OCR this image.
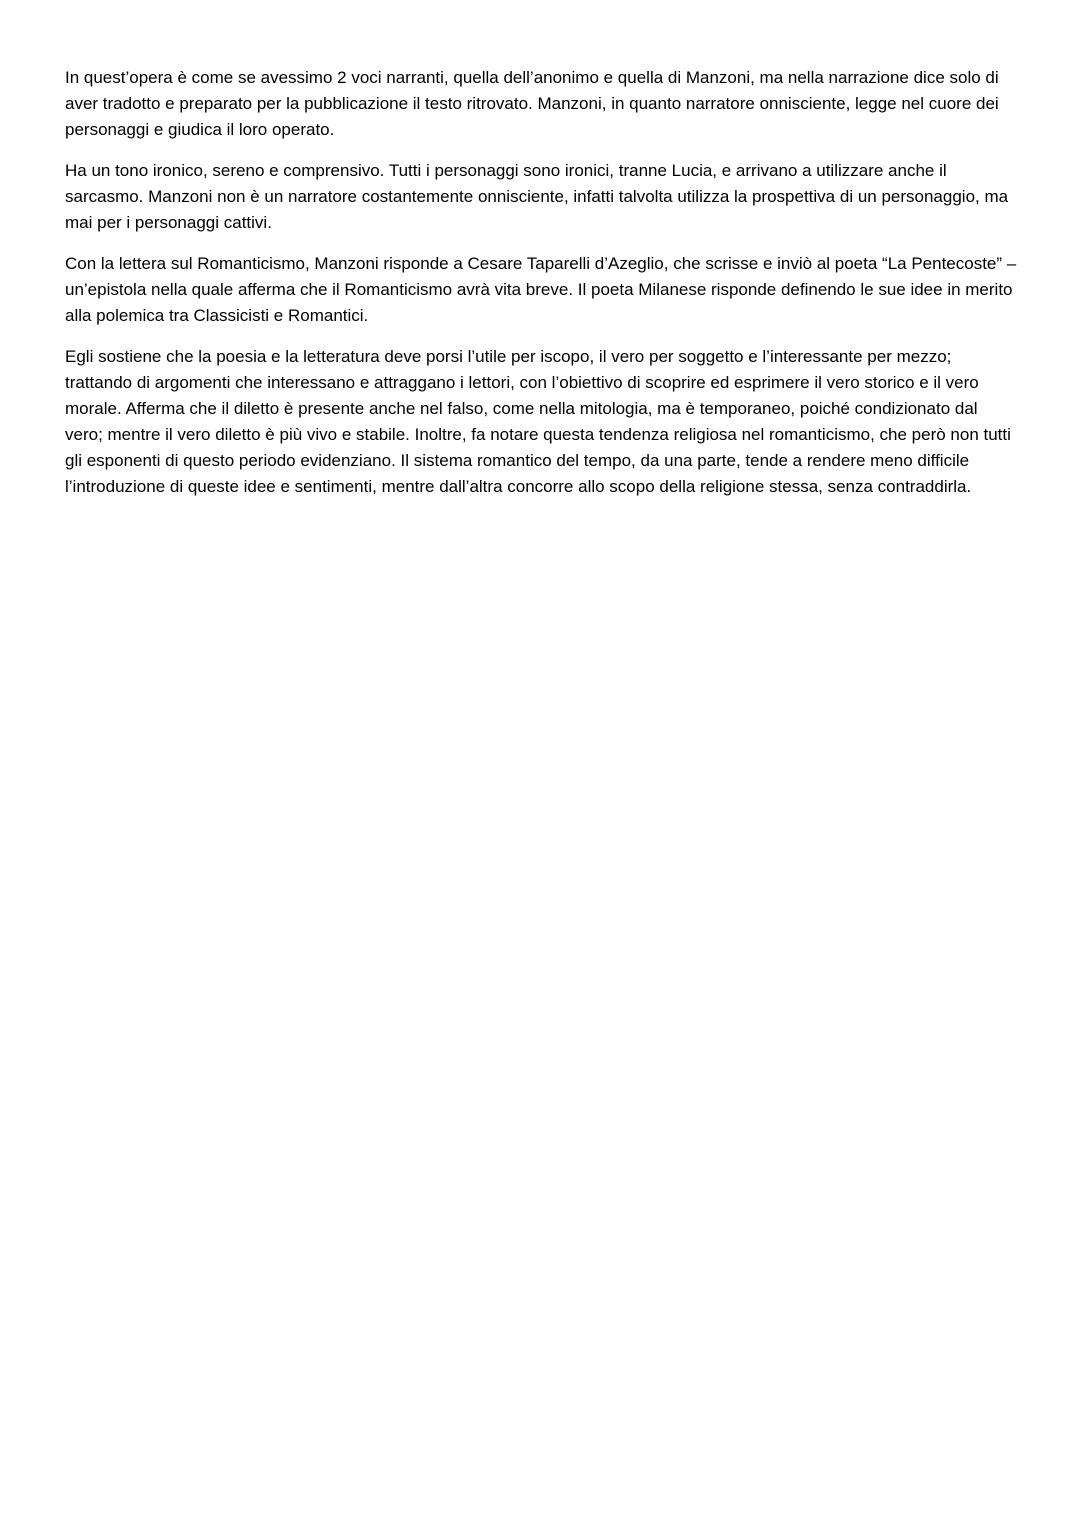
In quest’opera è come se avessimo 2 voci narranti, quella dell’anonimo e quella di Manzoni, ma nella narrazione dice solo di aver tradotto e preparato per la pubblicazione il testo ritrovato. Manzoni, in quanto narratore onnisciente, legge nel cuore dei personaggi e giudica il loro operato.

Ha un tono ironico, sereno e comprensivo. Tutti i personaggi sono ironici, tranne Lucia, e arrivano a utilizzare anche il sarcasmo. Manzoni non è un narratore costantemente onnisciente, infatti talvolta utilizza la prospettiva di un personaggio, ma mai per i personaggi cattivi.

Con la lettera sul Romanticismo, Manzoni risponde a Cesare Taparelli d’Azeglio, che scrisse e inviò al poeta “La Pentecoste” – un’epistola nella quale afferma che il Romanticismo avrà vita breve. Il poeta Milanese risponde definendo le sue idee in merito alla polemica tra Classicisti e Romantici.

Egli sostiene che la poesia e la letteratura deve porsi l’utile per iscopo, il vero per soggetto e l’interessante per mezzo; trattando di argomenti che interessano e attraggano i lettori, con l’obiettivo di scoprire ed esprimere il vero storico e il vero morale. Afferma che il diletto è presente anche nel falso, come nella mitologia, ma è temporaneo, poiché condizionato dal vero; mentre il vero diletto è più vivo e stabile. Inoltre, fa notare questa tendenza religiosa nel romanticismo, che però non tutti gli esponenti di questo periodo evidenziano. Il sistema romantico del tempo, da una parte, tende a rendere meno difficile l’introduzione di queste idee e sentimenti, mentre dall’altra concorre allo scopo della religione stessa, senza contraddirla.
